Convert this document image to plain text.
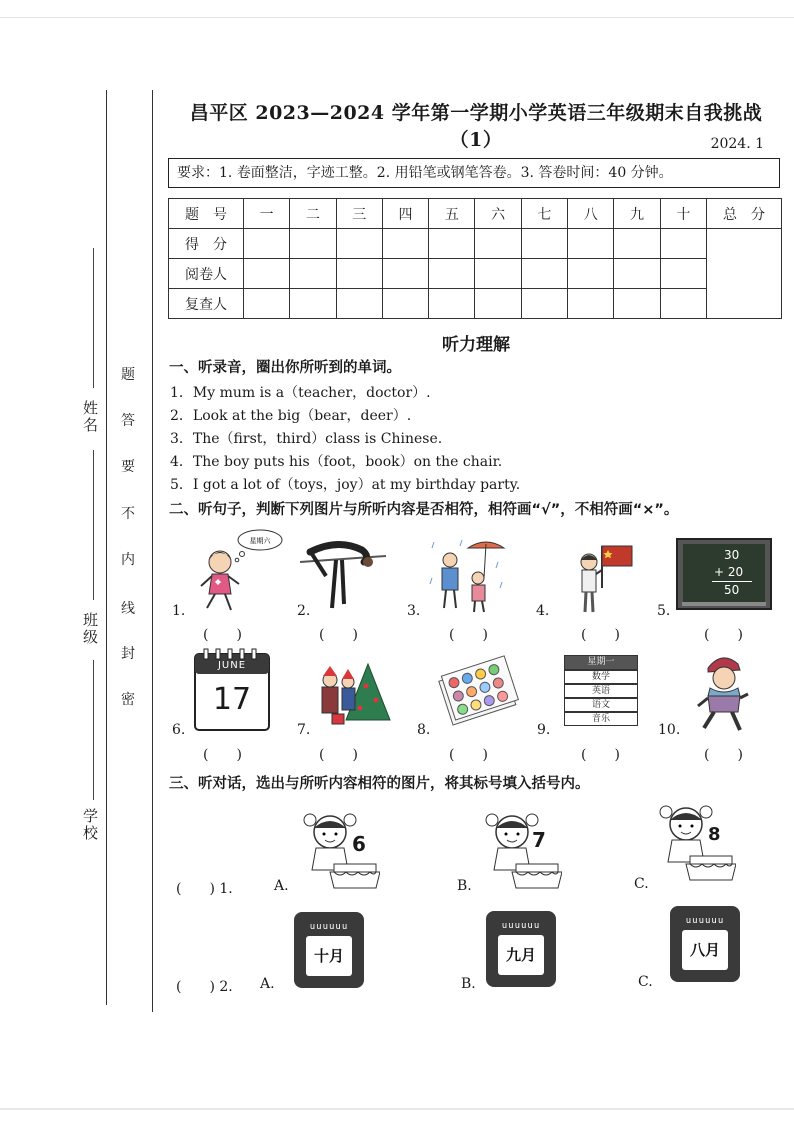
姓名
班级
学校
密
封
线
内
不
要
答
题
昌平区 2023—2024 学年第一学期小学英语三年级期末自我挑战（1）	2024. 1
要求：1. 卷面整洁，字迹工整。2. 用铅笔或钢笔答卷。3. 答卷时间：40 分钟。
题　号	一	二	三	四	五	六	七	八	九	十	总　分
得　分											
阅卷人											
复查人											
听力理解
一、听录音，圈出你所听到的单词。
1．My mum is a（teacher，doctor）.
2．Look at the big（bear，deer）.
3．The（first，third）class is Chinese.
4．The boy puts his（foot，book）on the chair.
5．I got a lot of（toys，joy）at my birthday party.
二、听句子，判断下列图片与所听内容是否相符，相符画“√”，不相符画“×”。
星期六
30
+ 20
50
1.	2.	3.	4.	5.
(　　)	(　　)	(　　)	(　　)	(　　)
JUNE
17
星期一
数学
英语
语文
音乐
6.	7.	8.	9.	10.
(　　)	(　　)	(　　)	(　　)	(　　)
三、听对话，选出与所听内容相符的图片，将其标号填入括号内。
(　　) 1.	A.	B.	C.
6	7	8
(　　) 2. A.	B.	C.
uuuuuu
十月
uuuuuu
九月
uuuuuu
八月
